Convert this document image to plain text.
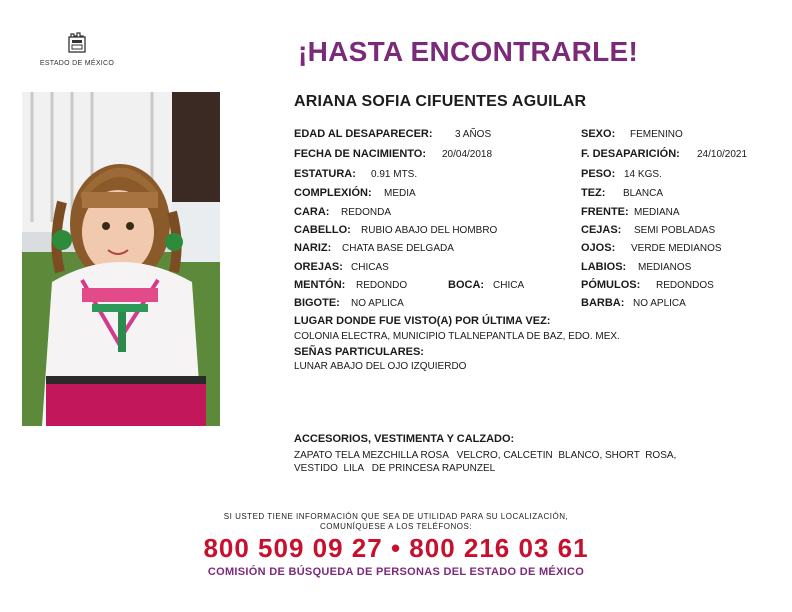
ESTADO DE MÉXICO	¡HASTA ENCONTRARLE!
ARIANA SOFIA CIFUENTES AGUILAR
EDAD AL DESAPARECER: 3 AÑOS	SEXO: FEMENINO
FECHA DE NACIMIENTO: 20/04/2018	F. DESAPARICIÓN: 24/10/2021
ESTATURA: 0.91 MTS.	PESO: 14 KGS.
COMPLEXIÓN: MEDIA	TEZ: BLANCA
CARA: REDONDA	FRENTE: MEDIANA
CABELLO: RUBIO ABAJO DEL HOMBRO	CEJAS: SEMI POBLADAS
NARIZ: CHATA BASE DELGADA	OJOS: VERDE MEDIANOS
OREJAS: CHICAS	LABIOS: MEDIANOS
MENTÓN: REDONDO	BOCA: CHICA	PÓMULOS: REDONDOS
BIGOTE: NO APLICA	BARBA: NO APLICA
LUGAR DONDE FUE VISTO(A) POR ÚLTIMA VEZ:
COLONIA ELECTRA, MUNICIPIO TLALNEPANTLA DE BAZ, EDO. MEX.
SEÑAS PARTICULARES:
LUNAR ABAJO DEL OJO IZQUIERDO
ACCESORIOS, VESTIMENTA Y CALZADO:
ZAPATO TELA MEZCHILLA ROSA   VELCRO, CALCETIN  BLANCO, SHORT  ROSA,
VESTIDO  LILA   DE PRINCESA RAPUNZEL
SI USTED TIENE INFORMACIÓN QUE SEA DE UTILIDAD PARA SU LOCALIZACIÓN,
COMUNÍQUESE A LOS TELÉFONOS:
800 509 09 27 • 800 216 03 61
COMISIÓN DE BÚSQUEDA DE PERSONAS DEL ESTADO DE MÉXICO
